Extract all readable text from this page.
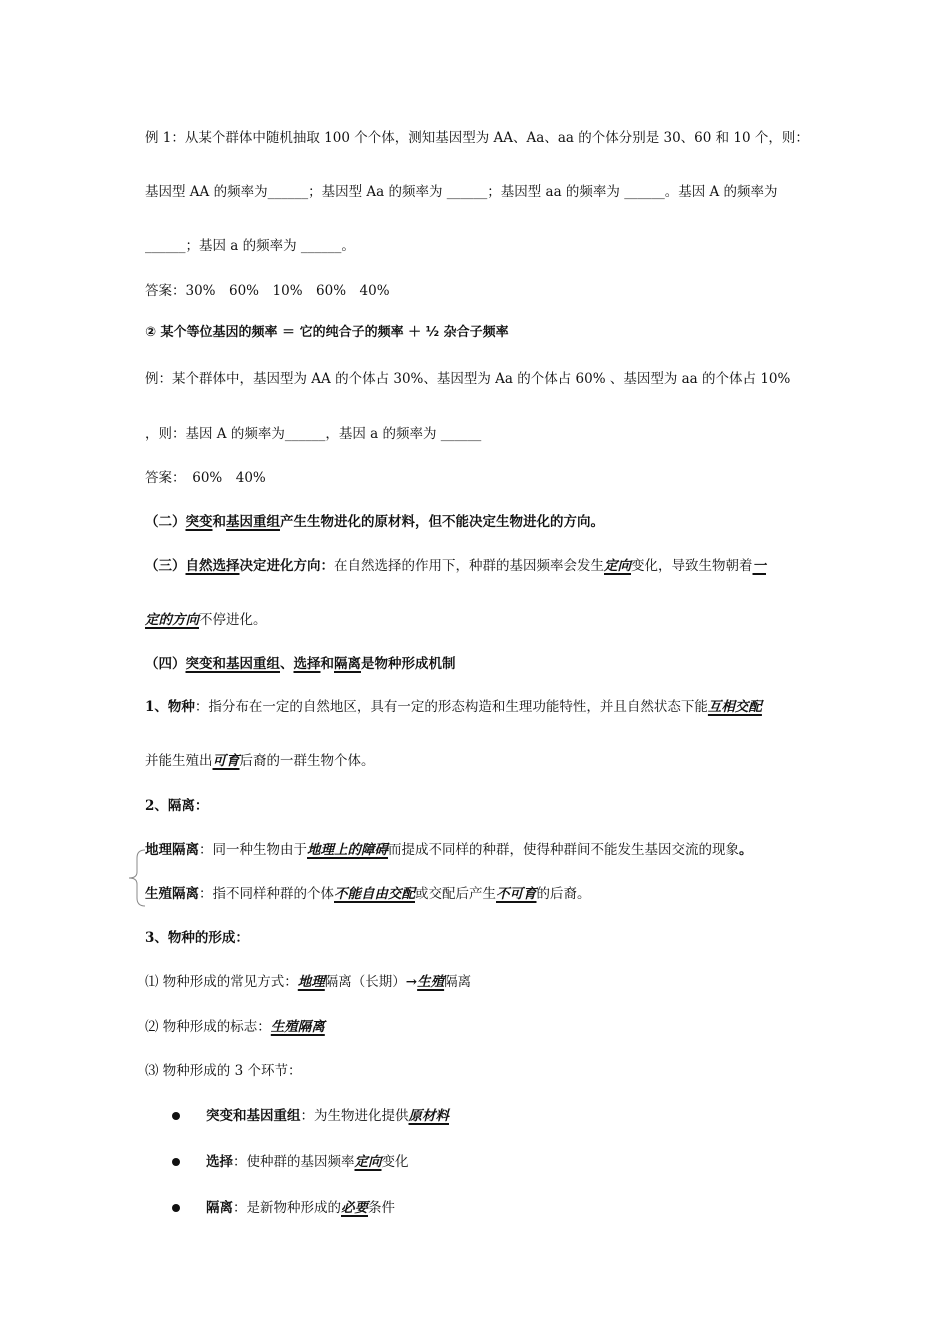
例 1：从某个群体中随机抽取 100 个个体，测知基因型为 AA、Aa、aa 的个体分别是 30、60 和 10 个，则：
基因型 AA 的频率为______；基因型 Aa 的频率为 ______；基因型 aa 的频率为 ______。基因 A 的频率为
______；基因 a 的频率为 ______。
答案：30%　60%　10%　60%　40%
② 某个等位基因的频率 ＝ 它的纯合子的频率 ＋ ½ 杂合子频率
例：某个群体中，基因型为 AA 的个体占 30%、基因型为 Aa 的个体占 60% 、基因型为 aa 的个体占 10%
，则：基因 A 的频率为______，基因 a 的频率为 ______
答案：　60%　40%
（二）突变和基因重组产生生物进化的原材料，但不能决定生物进化的方向。
（三）自然选择决定进化方向：在自然选择的作用下，种群的基因频率会发生定向变化，导致生物朝着一
定的方向不停进化。
（四）突变和基因重组、选择和隔离是物种形成机制
1、物种：指分布在一定的自然地区，具有一定的形态构造和生理功能特性，并且自然状态下能互相交配
并能生殖出可育后裔的一群生物个体。
2、隔离：
地理隔离：同一种生物由于地理上的障碍而提成不同样的种群，使得种群间不能发生基因交流的现象。
生殖隔离：指不同样种群的个体不能自由交配或交配后产生不可育的后裔。
3、物种的形成：
⑴ 物种形成的常见方式：地理隔离（长期）→生殖隔离
⑵ 物种形成的标志：生殖隔离
⑶ 物种形成的 3 个环节：
突变和基因重组：为生物进化提供原材料
选择：使种群的基因频率定向变化
隔离：是新物种形成的必要条件
